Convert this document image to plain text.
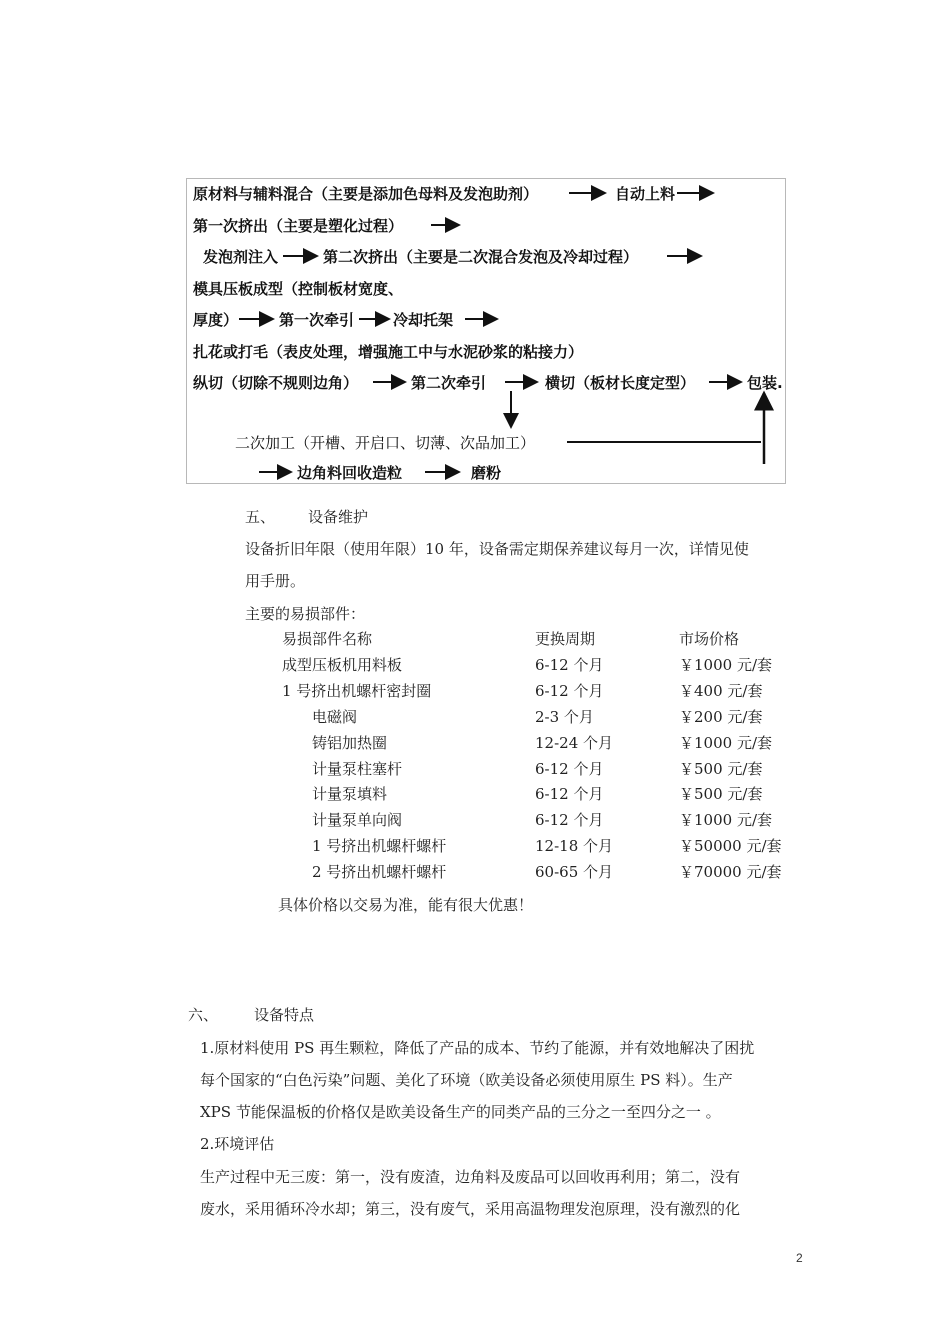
原材料与辅料混合（主要是添加色母料及发泡助剂）	自动上料
第一次挤出（主要是塑化过程）
发泡剂注入	第二次挤出（主要是二次混合发泡及冷却过程）
模具压板成型（控制板材宽度、
厚度）	第一次牵引	冷却托架
扎花或打毛（表皮处理，增强施工中与水泥砂浆的粘接力）
纵切（切除不规则边角）	第二次牵引	横切（板材长度定型）	包装.
二次加工（开槽、开启口、切薄、次品加工）
边角料回收造粒	磨粉
五、 设备维护
设备折旧年限（使用年限）10 年，设备需定期保养建议每月一次，详情见使
用手册。
主要的易损部件：
易损部件名称	更换周期	市场价格
成型压板机用料板	6-12 个月	￥1000 元/套
1 号挤出机螺杆密封圈	6-12 个月	￥400 元/套
电磁阀	2-3 个月	￥200 元/套
铸铝加热圈	12-24 个月	￥1000 元/套
计量泵柱塞杆	6-12 个月	￥500 元/套
计量泵填料	6-12 个月	￥500 元/套
计量泵单向阀	6-12 个月	￥1000 元/套
1 号挤出机螺杆螺杆	12-18 个月	￥50000 元/套
2 号挤出机螺杆螺杆	60-65 个月	￥70000 元/套
具体价格以交易为准，能有很大优惠！
六、 设备特点
1.原材料使用 PS 再生颗粒，降低了产品的成本、节约了能源，并有效地解决了困扰
每个国家的“白色污染”问题、美化了环境（欧美设备必须使用原生 PS 料）。生产
XPS 节能保温板的价格仅是欧美设备生产的同类产品的三分之一至四分之一 。
2.环境评估
生产过程中无三废：第一，没有废渣，边角料及废品可以回收再利用；第二，没有
废水，采用循环冷水却；第三，没有废气，采用高温物理发泡原理，没有激烈的化
2
